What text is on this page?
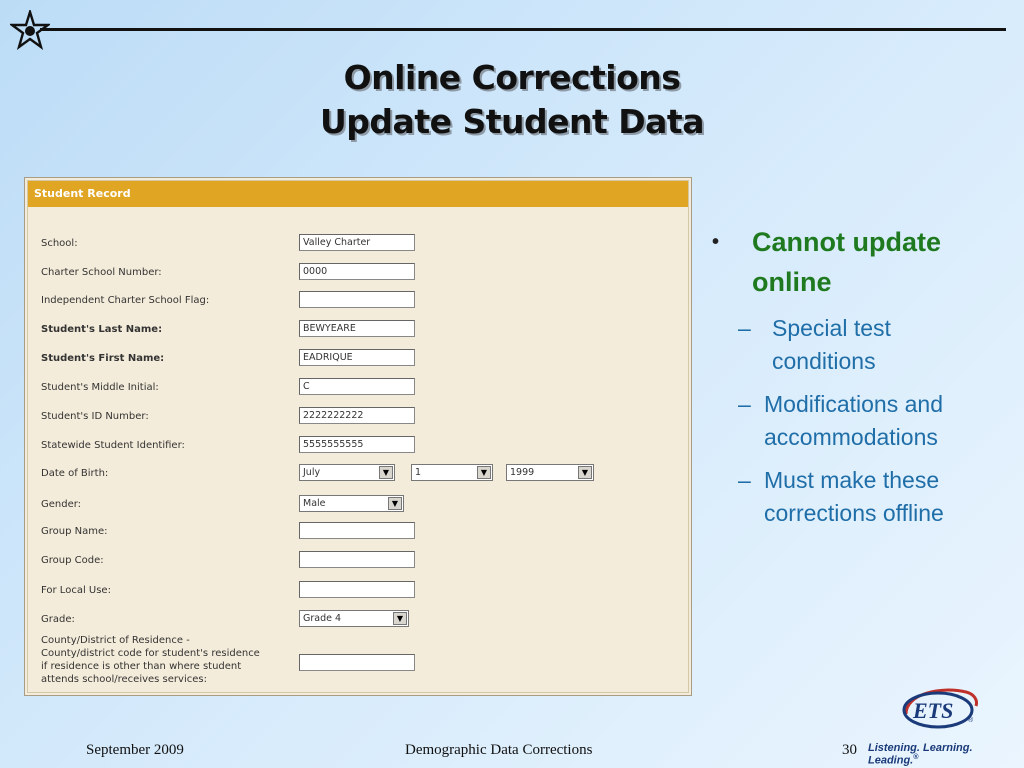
Online Corrections
Update Student Data
Student Record
School:	Valley Charter
Charter School Number:	0000
Independent Charter School Flag:
Student's Last Name:	BEWYEARE
Student's First Name:	EADRIQUE
Student's Middle Initial:	C
Student's ID Number:	2222222222
Statewide Student Identifier:	5555555555
Date of Birth:	July	▼	1	▼	1999	▼
Gender:	Male	▼
Group Name:
Group Code:
For Local Use:
Grade:	Grade 4	▼
County/District of Residence -
County/district code for student's residence
if residence is other than where student
attends school/receives services:
• Cannot update
online
– Special test
conditions
– Modifications and
accommodations
– Must make these
corrections offline
ETS ®
September 2009	Demographic Data Corrections	30 Listening. Learning. Leading.®
